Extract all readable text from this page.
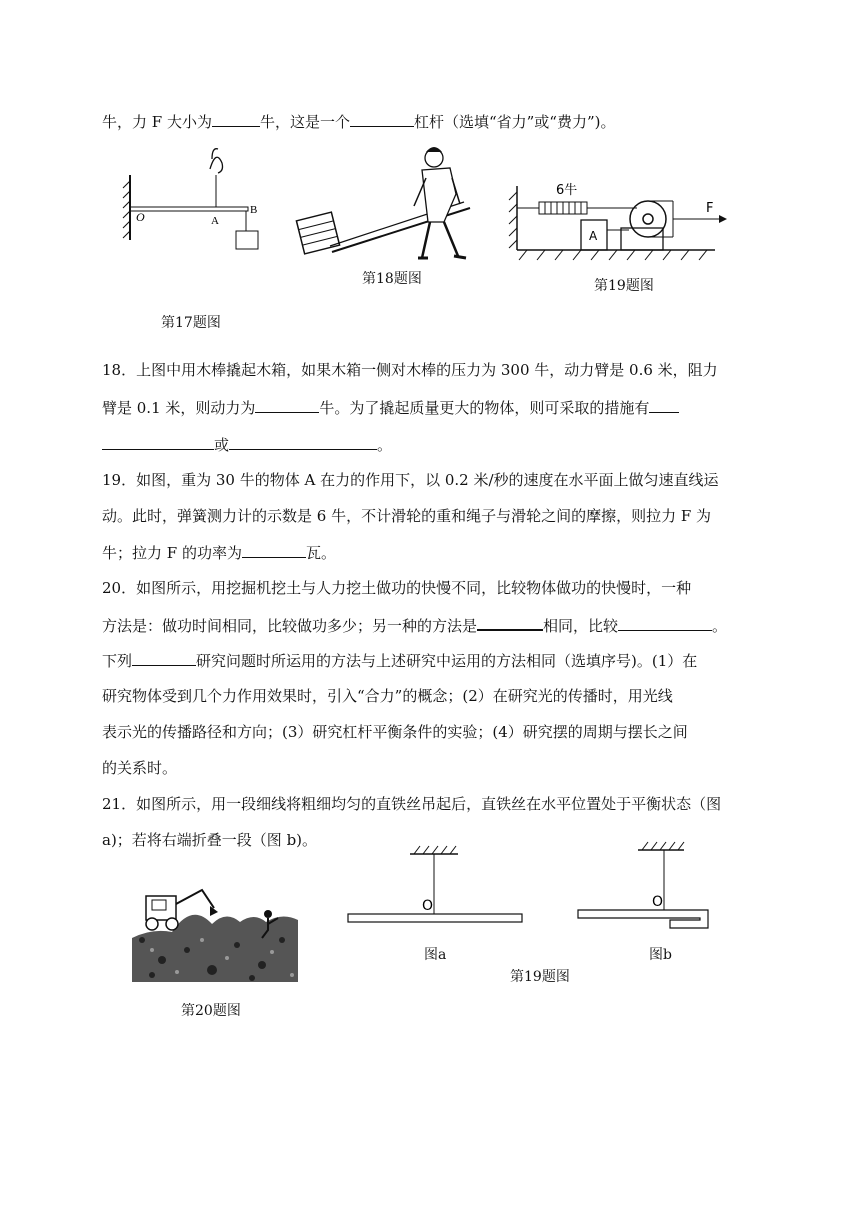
牛，力 F 大小为	牛，这是一个	杠杆（选填“省力”或“费力”)。
O	A
B
第17题图
第18题图
6牛
A
F
第19题图
18．上图中用木棒撬起木箱，如果木箱一侧对木棒的压力为 300 牛，动力臂是 0.6 米，阻力
臂是 0.1 米，则动力为	牛。为了撬起质量更大的物体，则可采取的措施有
或	。
19．如图，重为 30 牛的物体 A 在力的作用下，以 0.2 米/秒的速度在水平面上做匀速直线运
动。此时，弹簧测力计的示数是 6 牛，不计滑轮的重和绳子与滑轮之间的摩擦，则拉力 F 为
牛；拉力 F 的功率为	瓦。
20．如图所示，用挖掘机挖土与人力挖土做功的快慢不同，比较物体做功的快慢时，一种
方法是：做功时间相同，比较做功多少；另一种的方法是	相同，比较	。
下列	研究问题时所运用的方法与上述研究中运用的方法相同（选填序号)。(1）在
研究物体受到几个力作用效果时，引入“合力”的概念；(2）在研究光的传播时，用光线
表示光的传播路径和方向；(3）研究杠杆平衡条件的实验；(4）研究摆的周期与摆长之间
的关系时。
21．如图所示，用一段细线将粗细均匀的直铁丝吊起后，直铁丝在水平位置处于平衡状态（图
a)；若将右端折叠一段（图 b)。
第20题图
O
图a
O
图b
第19题图
